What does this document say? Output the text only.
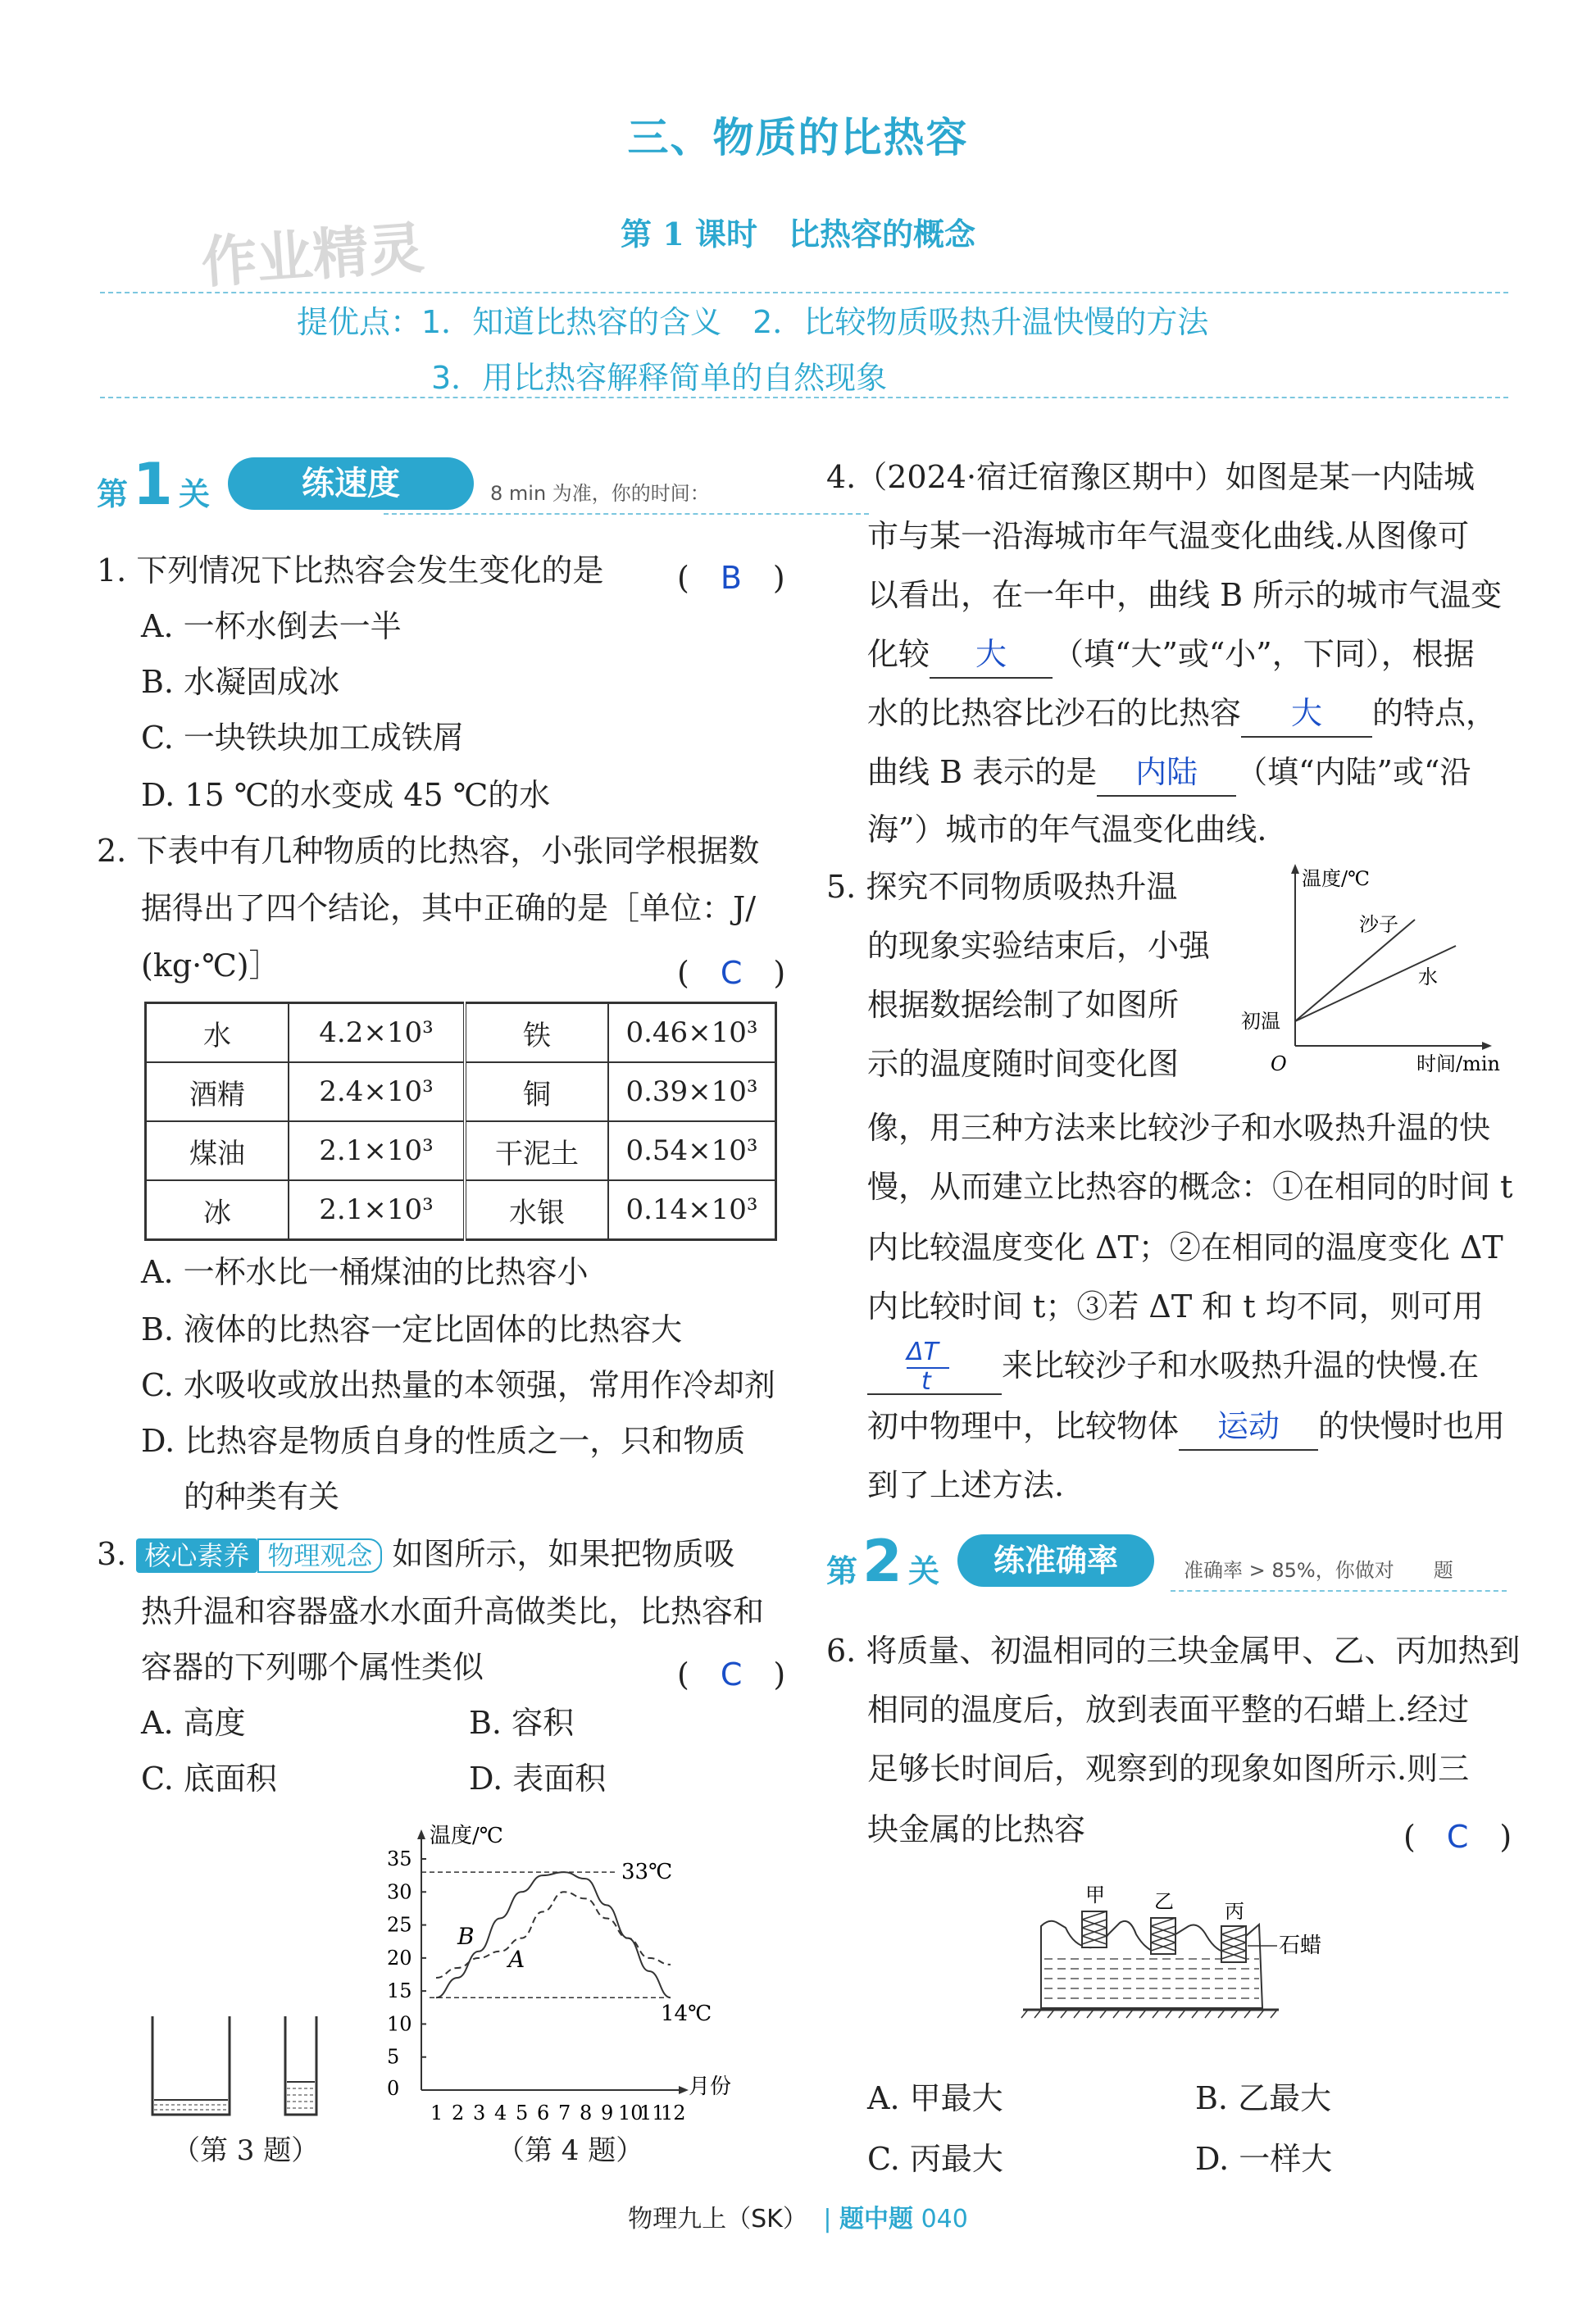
三、物质的比热容
作业精灵	第 1 课时　比热容的概念
提优点：1．知道比热容的含义　2．比较物质吸热升温快慢的方法
3．用比热容解释简单的自然现象
第 1 关	练速度	8 min 为准，你的时间：
1. 下列情况下比热容会发生变化的是 (　B　)
A. 一杯水倒去一半
B. 水凝固成冰
C. 一块铁块加工成铁屑
D. 15 ℃的水变成 45 ℃的水
2. 下表中有几种物质的比热容，小张同学根据数
据得出了四个结论，其中正确的是［单位：J/
(kg·℃)］	(　C　)
水	4.2×10³	铁	0.46×10³
酒精	2.4×10³	铜	0.39×10³
煤油	2.1×10³	干泥土	0.54×10³
冰	2.1×10³	水银	0.14×10³
A. 一杯水比一桶煤油的比热容小
B. 液体的比热容一定比固体的比热容大
C. 水吸收或放出热量的本领强，常用作冷却剂
D. 比热容是物质自身的性质之一，只和物质
的种类有关
3. 核心素养 物理观念 如图所示，如果把物质吸
热升温和容器盛水水面升高做类比，比热容和
容器的下列哪个属性类似	(　C　)
A. 高度	B. 容积
C. 底面积	D. 表面积
（第 3 题）
温度/℃
月份
35
30
25
20
15
10
5
0
1 2 3 4 5 6 7 8 9 10
11
12
33℃
14℃
B
A
（第 4 题）
4.（2024·宿迁宿豫区期中）如图是某一内陆城
市与某一沿海城市年气温变化曲线.从图像可
以看出，在一年中，曲线 B 所示的城市气温变
化较 大 （填“大”或“小”，下同），根据
水的比热容比沙石的比热容 大 的特点，
曲线 B 表示的是 内陆 （填“内陆”或“沿
海”）城市的年气温变化曲线.
5. 探究不同物质吸热升温
的现象实验结束后，小强
根据数据绘制了如图所
示的温度随时间变化图
温度/℃
时间/min
O
初温
沙子
水
像，用三种方法来比较沙子和水吸热升温的快
慢，从而建立比热容的概念：①在相同的时间 t
内比较温度变化 ΔT；②在相同的温度变化 ΔT
内比较时间 t；③若 ΔT 和 t 均不同，则可用
ΔT
t 来比较沙子和水吸热升温的快慢.在
初中物理中，比较物体 运动 的快慢时也用
到了上述方法.
第 2 关	练准确率	准确率 > 85%，你做对　　题
6. 将质量、初温相同的三块金属甲、乙、丙加热到
相同的温度后，放到表面平整的石蜡上.经过
足够长时间后，观察到的现象如图所示.则三
块金属的比热容	(　C　)
甲	乙	丙
石蜡
A. 甲最大	B. 乙最大
C. 丙最大	D. 一样大
物理九上（SK） | 题中题 040
